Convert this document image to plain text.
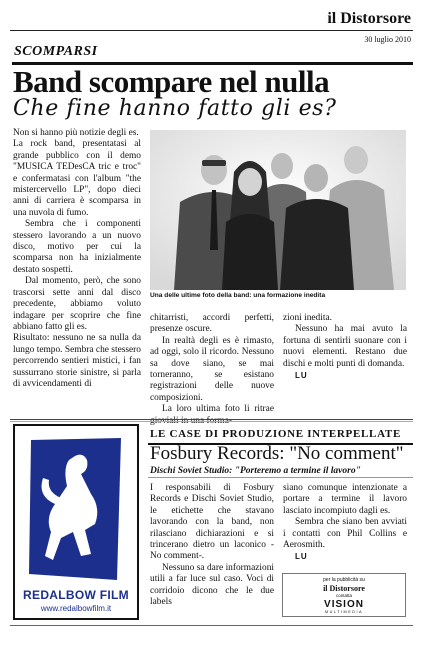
il Distorsore
30 luglio 2010
SCOMPARSI
Band scompare nel nulla
Che fine hanno fatto gli es?

Non si hanno più notizie degli es.

La rock band, presentatasi al grande pubblico con il demo "MUSICA TEDesCA tric e troc" e confermatasi con l'album "the mistercervello LP", dopo dieci anni di carriera è scomparsa in una nuvola di fumo.

Sembra che i componenti stessero lavorando a un nuovo disco, motivo per cui la scomparsa non ha inizialmente destato sospetti.

Dal momento, però, che sono trascorsi sette anni dal disco precedente, abbiamo voluto indagare per scoprire che fine abbiano fatto gli es.

Risultato: nessuno ne sa nulla da lungo tempo. Sembra che stessero percorrendo sentieri mistici, i fan sussurrano storie sinistre, si parla di avvicendamenti di

Una delle ultime foto della band: una formazione inedita

chitarristi, accordi perfetti, presenze oscure.

In realtà degli es è rimasto, ad oggi, solo il ricordo. Nessuno sa dove siano, se mai torneranno, se esistano registrazioni delle nuove composizioni.

La loro ultima foto li ritrae

zioni inedita.

Nessuno ha mai avuto la fortuna di sentirli suonare con i nuovi elementi. Restano due dischi e molti punti di domanda.

LU

REDALBOW FILM
www.redalbowfilm.it
LE CASE DI PRODUZIONE INTERPELLATE
Fosbury Records: "No comment"
Dischi Soviet Studio: "Porteremo a termine il lavoro"

I responsabili di Fosbury Records e Dischi Soviet Studio, le etichette che stavano lavorando con la band, non rilasciano dichiarazioni e si trincerano dietro un laconico -No comment-.

Nessuno sa dare informazioni utili a far luce sul caso. Voci di corridoio dicono che le due labels

siano comunque intenzionate a portare a termine il lavoro lasciato incompiuto dagli es.

Sembra che siano ben avviati i contatti con Phil Collins e Aerosmith.

LU

per la pubblicità su
il Distorsore
contatta
VISION
MULTIMEDIA
